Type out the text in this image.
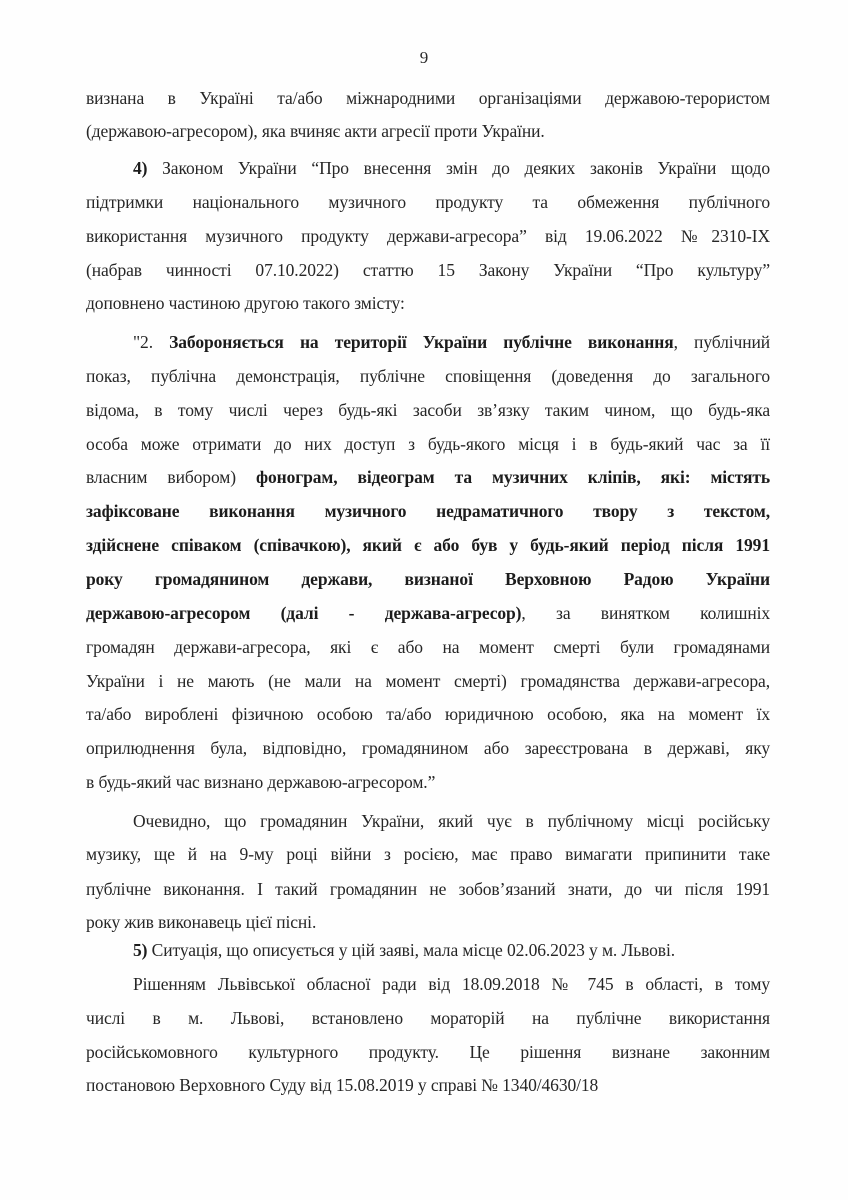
9
визнана в Україні та/або міжнародними організаціями державою-терористом
(державою-агресором), яка вчиняє акти агресії проти України.
4) Законом України “Про внесення змін до деяких законів України щодо
підтримки національного музичного продукту та обмеження публічного
використання музичного продукту держави-агресора” від 19.06.2022 №2310-IX
(набрав чинності 07.10.2022) статтю 15 Закону України “Про культуру”
доповнено частиною другою такого змісту:
"2. Забороняється на території України публічне виконання, публічний
показ, публічна демонстрація, публічне сповіщення (доведення до загального
відома, в тому числі через будь-які засоби зв’язку таким чином, що будь-яка
особа може отримати до них доступ з будь-якого місця і в будь-який час за її
власним вибором) фонограм, відеограм та музичних кліпів, які: містять
зафіксоване виконання музичного недраматичного твору з текстом,
здійснене співаком (співачкою), який є або був у будь-який період після 1991
року громадянином держави, визнаної Верховною Радою України
державою-агресором (далі - держава-агресор), за винятком колишніх
громадян держави-агресора, які є або на момент смерті були громадянами
України і не мають (не мали на момент смерті) громадянства держави-агресора,
та/або вироблені фізичною особою та/або юридичною особою, яка на момент їх
оприлюднення була, відповідно, громадянином або зареєстрована в державі, яку
в будь-який час визнано державою-агресором.”
Очевидно, що громадянин України, який чує в публічному місці російську
музику, ще й на 9-му році війни з росією, має право вимагати припинити таке
публічне виконання. І такий громадянин не зобов’язаний знати, до чи після 1991
року жив виконавець цієї пісні.
5) Ситуація, що описується у цій заяві, мала місце 02.06.2023 у м. Львові.
Рішенням Львівської обласної ради від 18.09.2018 № 745 в області, в тому
числі в м. Львові, встановлено мораторій на публічне використання
російськомовного культурного продукту. Це рішення визнане законним
постановою Верховного Суду від 15.08.2019 у справі № 1340/4630/18
